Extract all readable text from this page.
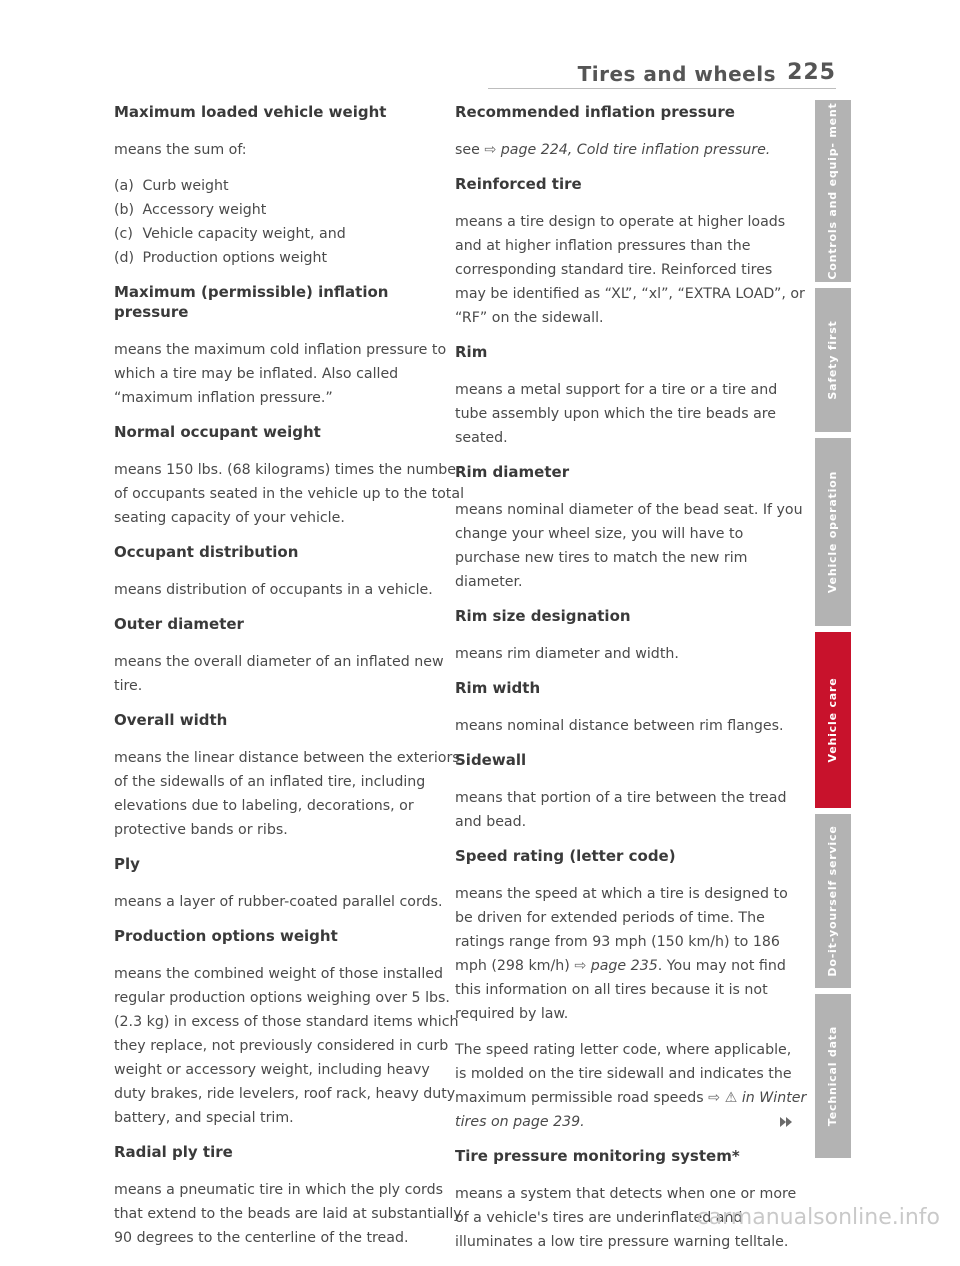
Tires and wheels 225
Maximum loaded vehicle weight
means the sum of:
(a) Curb weight
(b) Accessory weight
(c) Vehicle capacity weight, and
(d) Production options weight
Maximum (permissible) inflation pressure
means the maximum cold inflation pressure to which a tire may be inflated. Also called “maximum inflation pressure.”
Normal occupant weight
means 150 lbs. (68 kilograms) times the number of occupants seated in the vehicle up to the total seating capacity of your vehicle.
Occupant distribution
means distribution of occupants in a vehicle.
Outer diameter
means the overall diameter of an inflated new tire.
Overall width
means the linear distance between the exteriors of the sidewalls of an inflated tire, including elevations due to labeling, decorations, or protective bands or ribs.
Ply
means a layer of rubber-coated parallel cords.
Production options weight
means the combined weight of those installed regular production options weighing over 5 lbs. (2.3 kg) in excess of those standard items which they replace, not previously considered in curb weight or accessory weight, including heavy duty brakes, ride levelers, roof rack, heavy duty battery, and special trim.
Radial ply tire
means a pneumatic tire in which the ply cords that extend to the beads are laid at substantially 90 degrees to the centerline of the tread.
Recommended inflation pressure
see ⇨ page 224, Cold tire inflation pressure.
Reinforced tire
means a tire design to operate at higher loads and at higher inflation pressures than the corresponding standard tire. Reinforced tires may be identified as “XL”, “xl”, “EXTRA LOAD”, or “RF” on the sidewall.
Rim
means a metal support for a tire or a tire and tube assembly upon which the tire beads are seated.
Rim diameter
means nominal diameter of the bead seat. If you change your wheel size, you will have to purchase new tires to match the new rim diameter.
Rim size designation
means rim diameter and width.
Rim width
means nominal distance between rim flanges.
Sidewall
means that portion of a tire between the tread and bead.
Speed rating (letter code)
means the speed at which a tire is designed to be driven for extended periods of time. The ratings range from 93 mph (150 km/h) to 186 mph (298 km/h) ⇨ page 235. You may not find this information on all tires because it is not required by law.
The speed rating letter code, where applicable, is molded on the tire sidewall and indicates the maximum permissible road speeds ⇨ ⚠ in Winter tires on page 239.
Tire pressure monitoring system*
means a system that detects when one or more of a vehicle's tires are underinflated and illuminates a low tire pressure warning telltale.
Controls and equip- ment
Safety first
Vehicle operation
Vehicle care
Do-it-yourself service
Technical data
carmanualsonline.info
